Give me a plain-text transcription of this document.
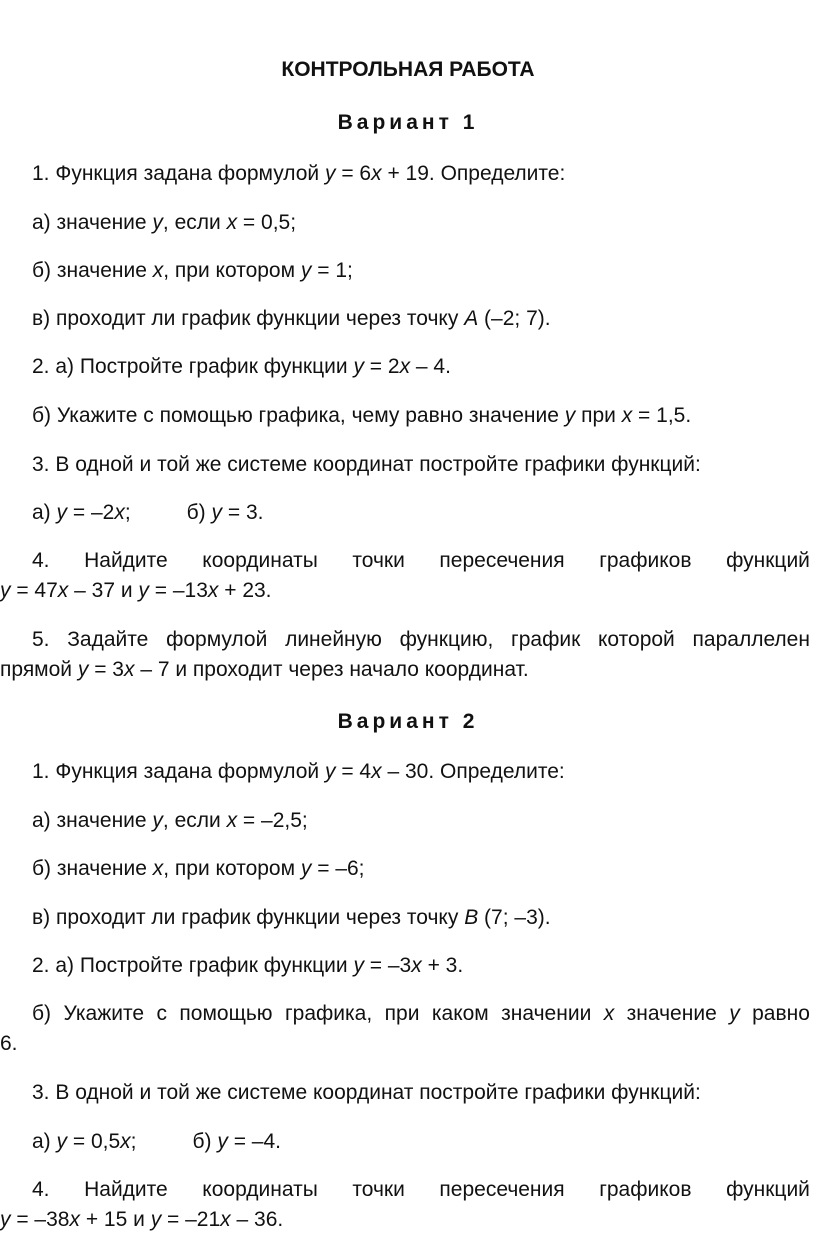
КОНТРОЛЬНАЯ РАБОТА
Вариант 1
1. Функция задана формулой y = 6x + 19. Определите:
а) значение y, если x = 0,5;
б) значение x, при котором y = 1;
в) проходит ли график функции через точку A (–2; 7).
2. а) Постройте график функции y = 2x – 4.
б) Укажите с помощью графика, чему равно значение y при x = 1,5.
3. В одной и той же системе координат постройте графики функций:
а) y = –2x;	б) y = 3.
4. Найдите координаты точки пересечения графиков функций
y = 47x – 37 и y = –13x + 23.
5. Задайте формулой линейную функцию, график которой параллелен
прямой y = 3x – 7 и проходит через начало координат.
Вариант 2
1. Функция задана формулой y = 4x – 30. Определите:
а) значение y, если x = –2,5;
б) значение x, при котором y = –6;
в) проходит ли график функции через точку B (7; –3).
2. а) Постройте график функции y = –3x + 3.
б) Укажите с помощью графика, при каком значении x значение y равно
6.
3. В одной и той же системе координат постройте графики функций:
а) y = 0,5x;	б) y = –4.
4. Найдите координаты точки пересечения графиков функций
y = –38x + 15 и y = –21x – 36.
